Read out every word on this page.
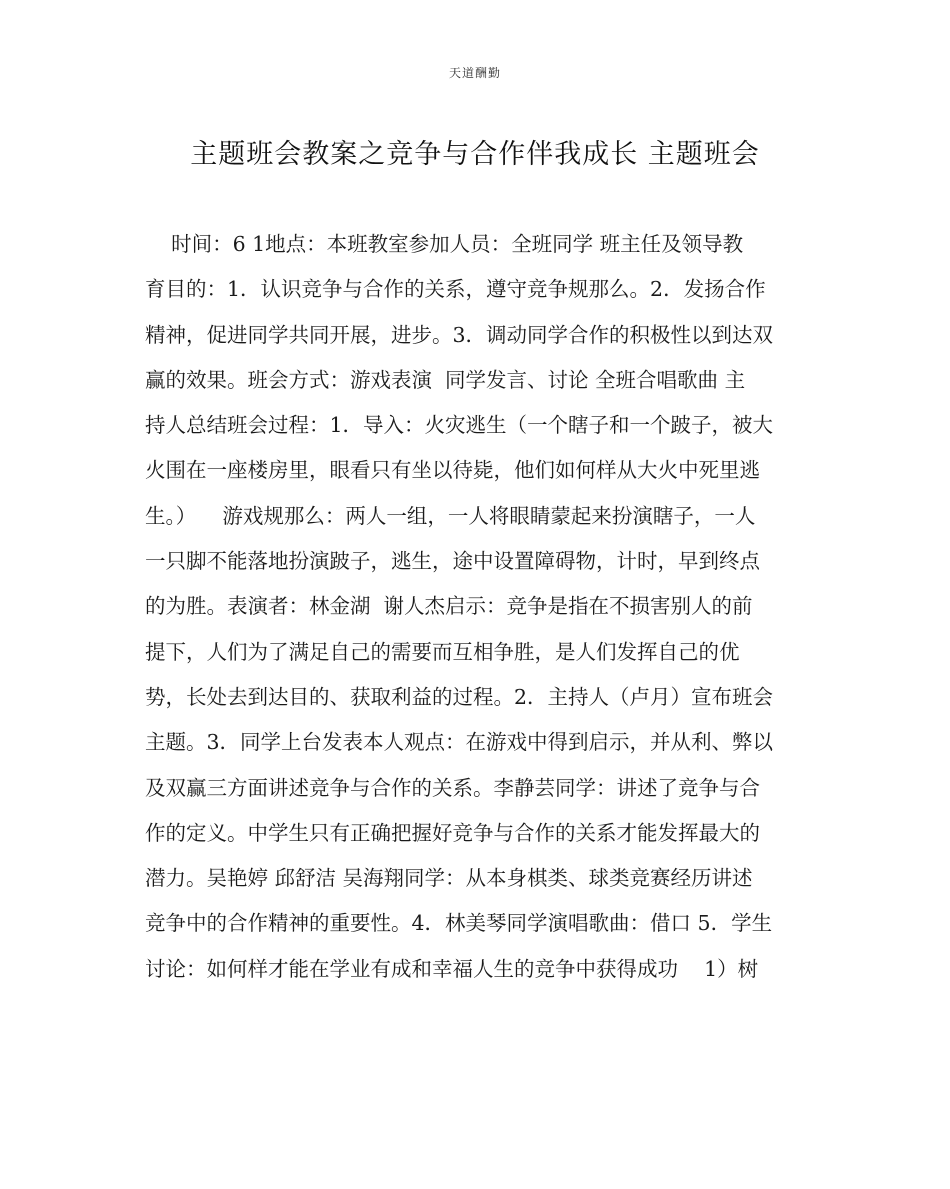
天道酬勤
主题班会教案之竞争与合作伴我成长 主题班会
时间：6 1地点：本班教室参加人员：全班同学 班主任及领导教
育目的：1．认识竞争与合作的关系，遵守竞争规那么。2．发扬合作
精神，促进同学共同开展，进步。3．调动同学合作的积极性以到达双
赢的效果。班会方式：游戏表演  同学发言、讨论 全班合唱歌曲 主
持人总结班会过程：1．导入：火灾逃生（一个瞎子和一个跛子，被大
火围在一座楼房里，眼看只有坐以待毙，他们如何样从大火中死里逃
生。）    游戏规那么：两人一组，一人将眼睛蒙起来扮演瞎子，一人
一只脚不能落地扮演跛子，逃生，途中设置障碍物，计时，早到终点
的为胜。表演者：林金湖  谢人杰启示：竞争是指在不损害别人的前
提下，人们为了满足自己的需要而互相争胜，是人们发挥自己的优
势，长处去到达目的、获取利益的过程。2．主持人（卢月）宣布班会
主题。3．同学上台发表本人观点：在游戏中得到启示，并从利、弊以
及双赢三方面讲述竞争与合作的关系。李静芸同学：讲述了竞争与合
作的定义。中学生只有正确把握好竞争与合作的关系才能发挥最大的
潜力。吴艳婷 邱舒洁 吴海翔同学：从本身棋类、球类竞赛经历讲述
竞争中的合作精神的重要性。4．林美琴同学演唱歌曲：借口 5．学生
讨论：如何样才能在学业有成和幸福人生的竞争中获得成功    1）树
